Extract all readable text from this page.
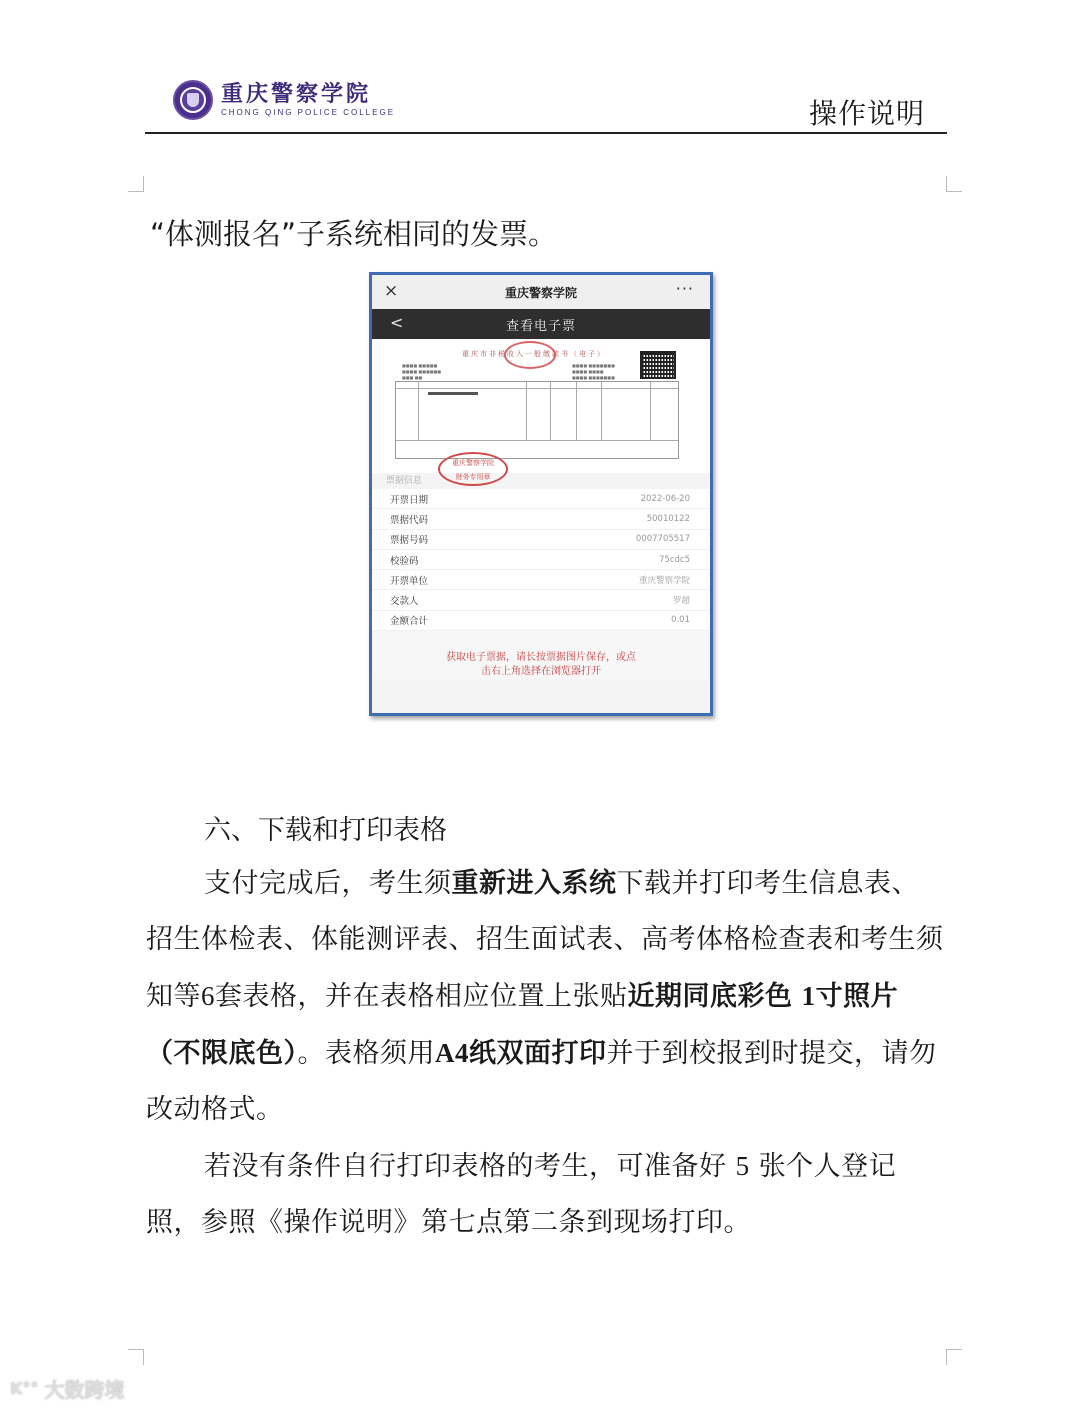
重庆警察学院
CHONG QING POLICE COLLEGE	操作说明
“体测报名”子系统相同的发票。
×	重庆警察学院	···
<	查看电子票
重庆市非税收入一般缴款书（电子）
■■■■ ■■■■■
■■■■ ■■■■■■
■■■ ■■
■■■■ ■■■■■■■
■■■■ ■■■■
■■■■ ■■■■■■■
重庆警察学院
财务专用章
票据信息
开票日期	2022-06-20
票据代码	50010122
票据号码	0007705517
校验码	75cdc5
开票单位	重庆警察学院
交款人	罗超
金额合计	0.01
获取电子票据，请长按票据图片保存，或点
击右上角选择在浏览器打开
六、下载和打印表格
支付完成后，考生须重新进入系统下载并打印考生信息表、招生体检表、体能测评表、招生面试表、高考体格检查表和考生须知等6套表格，并在表格相应位置上张贴近期同底彩色 1寸照片（不限底色）。表格须用A4纸双面打印并于到校报到时提交，请勿改动格式。
若没有条件自行打印表格的考生，可准备好 5 张个人登记照，参照《操作说明》第七点第二条到现场打印。
K°° 大数跨境
